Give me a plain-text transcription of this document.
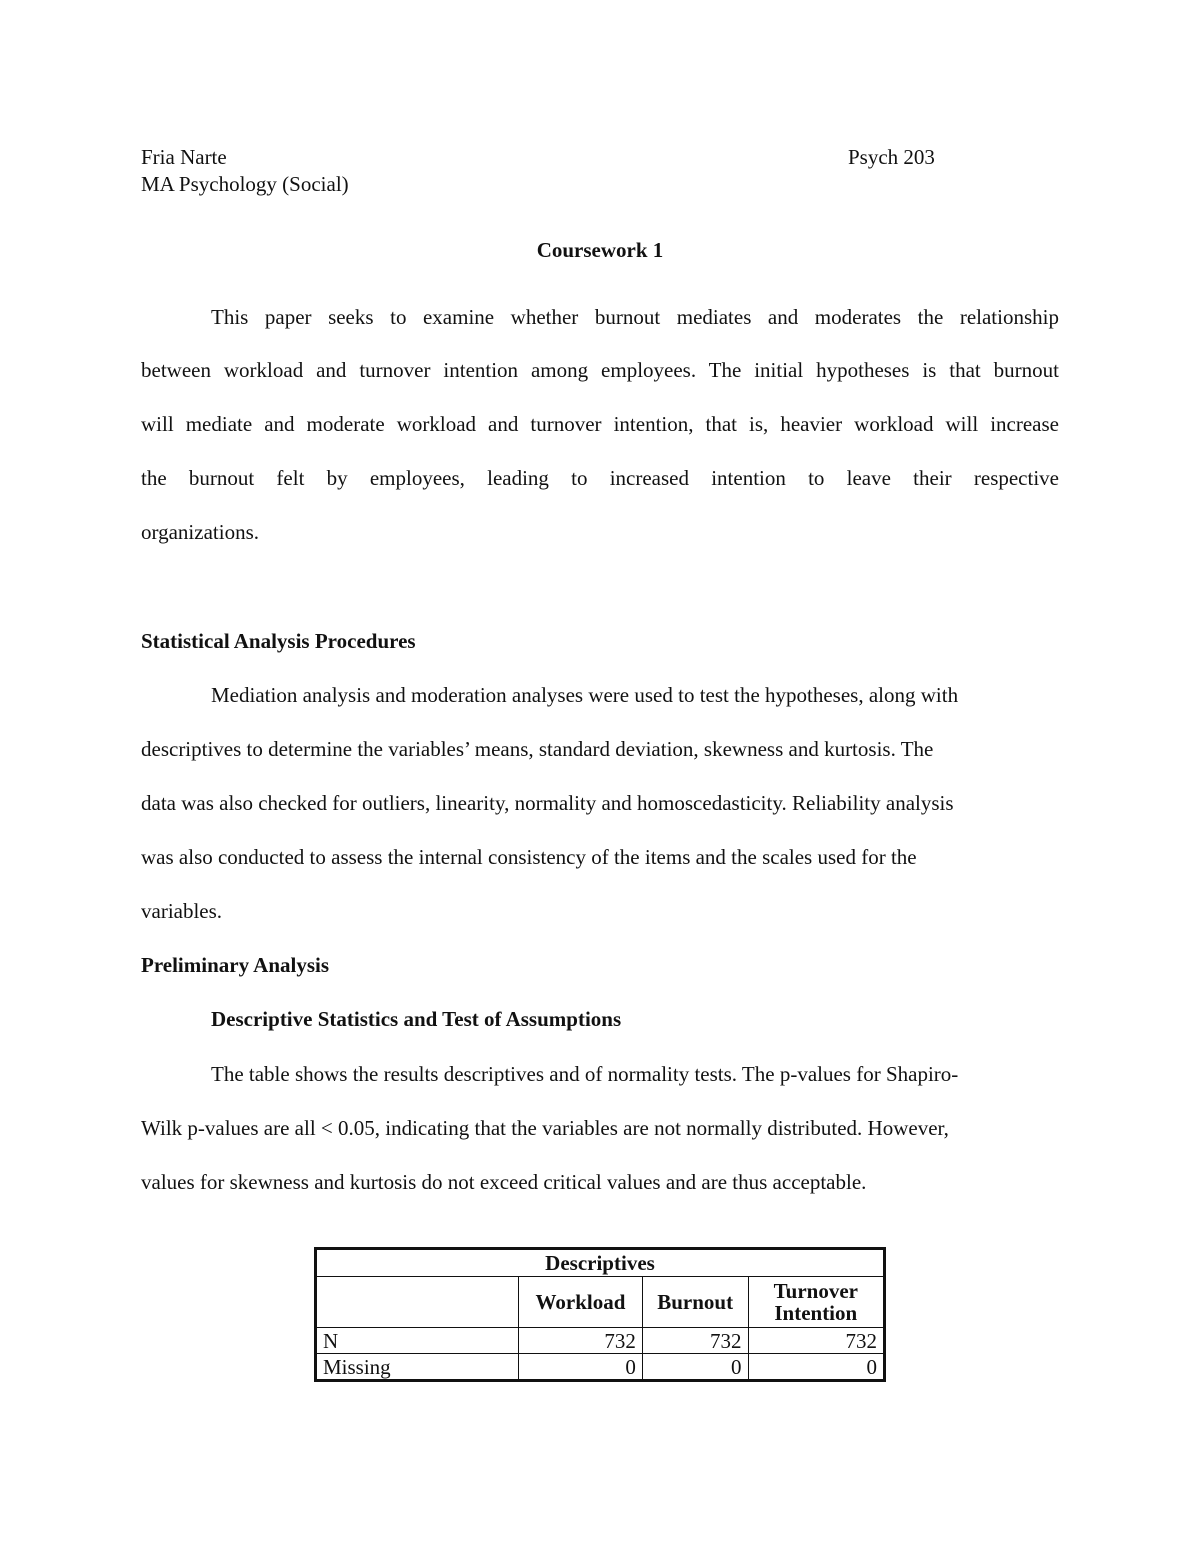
Fria Narte	Psych 203
MA Psychology (Social)
Coursework 1
This paper seeks to examine whether burnout mediates and moderates the relationship
between workload and turnover intention among employees. The initial hypotheses is that burnout
will mediate and moderate workload and turnover intention, that is, heavier workload will increase
the burnout felt by employees, leading to increased intention to leave their respective
organizations.
Statistical Analysis Procedures
Mediation analysis and moderation analyses were used to test the hypotheses, along with
descriptives to determine the variables’ means, standard deviation, skewness and kurtosis. The
data was also checked for outliers, linearity, normality and homoscedasticity. Reliability analysis
was also conducted to assess the internal consistency of the items and the scales used for the
variables.
Preliminary Analysis
Descriptive Statistics and Test of Assumptions
The table shows the results descriptives and of normality tests. The p-values for Shapiro-
Wilk p-values are all < 0.05, indicating that the variables are not normally distributed. However,
values for skewness and kurtosis do not exceed critical values and are thus acceptable.
Descriptives			
	Workload	Burnout	Turnover
Intention
N	732	732	732
Missing	0	0	0
